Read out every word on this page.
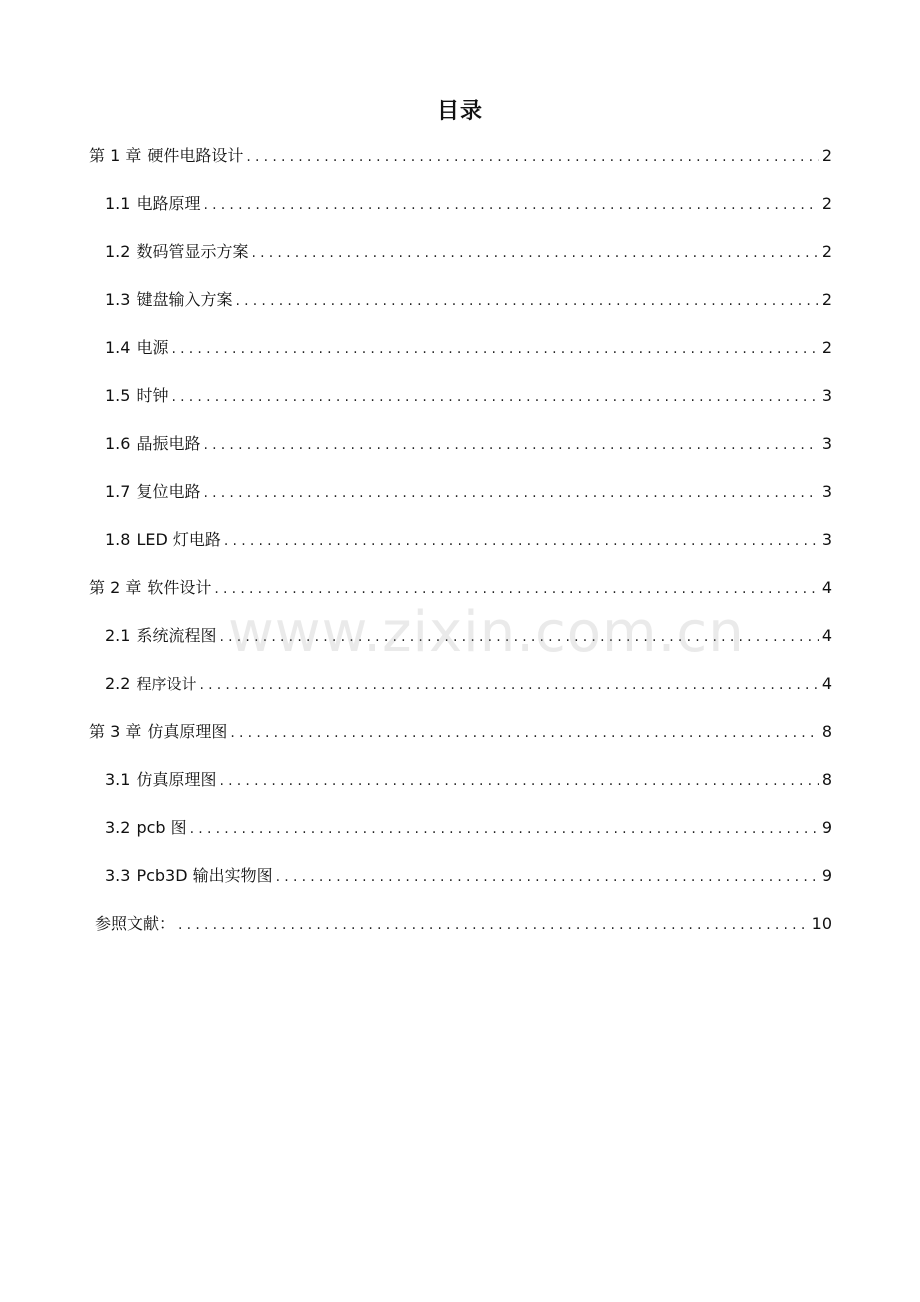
目录
第 1 章 硬件电路设计 .....	2
1.1 电路原理 .....	2
1.2 数码管显示方案 .....	2
1.3 键盘输入方案 .....	2
1.4 电源 .....	2
1.5 时钟 .....	3
1.6 晶振电路 .....	3
1.7 复位电路 .....	3
1.8 LED 灯电路 .....	3
第 2 章 软件设计 .....	4
2.1 系统流程图 .....	4
2.2 程序设计 .....	4
第 3 章 仿真原理图 .....	8
3.1 仿真原理图 .....	8
3.2 pcb 图 .....	9
3.3 Pcb3D 输出实物图 .....	9
参照文献： .....	10
www.zixin.com.cn
